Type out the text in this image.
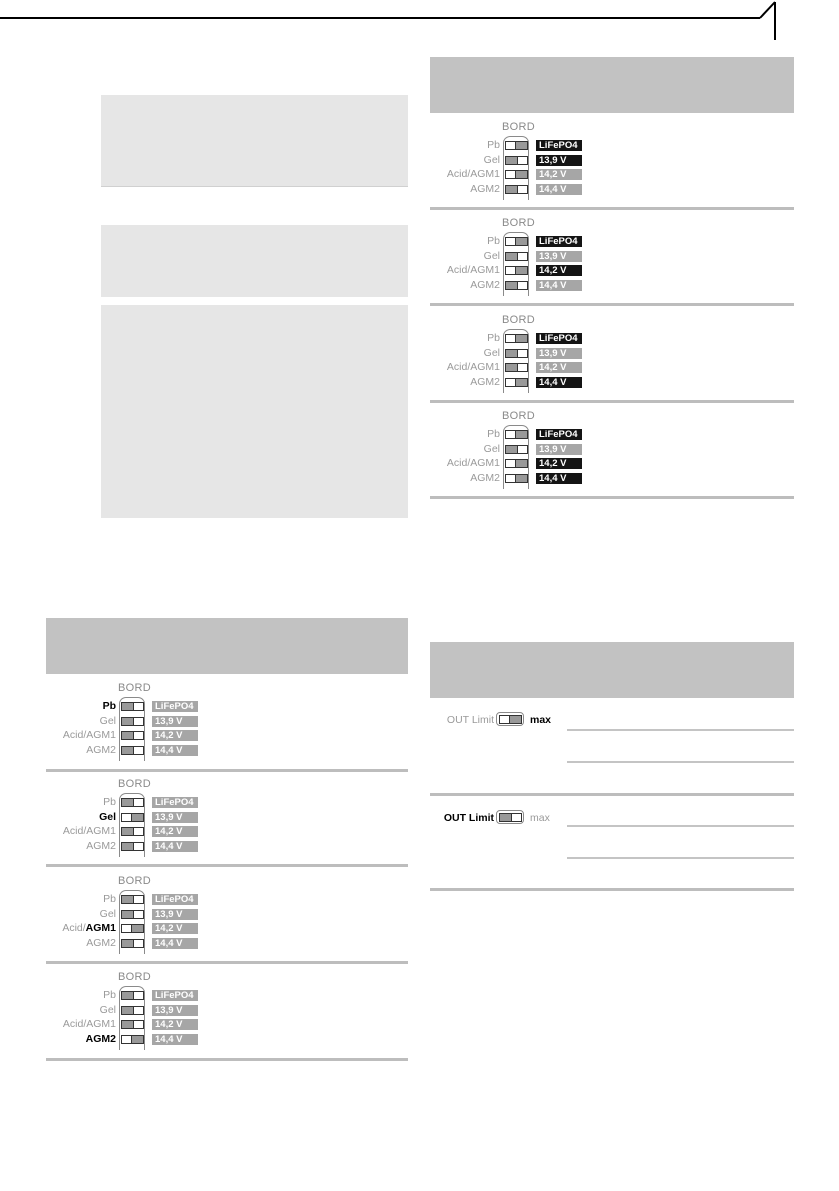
BORD
Pb	LiFePO4
Gel	13,9 V
Acid/AGM1	14,2 V
AGM2	14,4 V
BORD
Pb	LiFePO4
Gel	13,9 V
Acid/AGM1	14,2 V
AGM2	14,4 V
BORD
Pb	LiFePO4
Gel	13,9 V
Acid/AGM1	14,2 V
AGM2	14,4 V
BORD
Pb	LiFePO4
Gel	13,9 V
Acid/AGM1	14,2 V
AGM2	14,4 V
BORD
Pb	LiFePO4
Gel	13,9 V
Acid/AGM1	14,2 V
AGM2	14,4 V
BORD
Pb	LiFePO4
Gel	13,9 V
Acid/AGM1	14,2 V
AGM2	14,4 V
BORD
Pb	LiFePO4
Gel	13,9 V
Acid/AGM1	14,2 V
AGM2	14,4 V
BORD
Pb	LiFePO4
Gel	13,9 V
Acid/AGM1	14,2 V
AGM2	14,4 V
OUT Limit	max
OUT Limit	max
